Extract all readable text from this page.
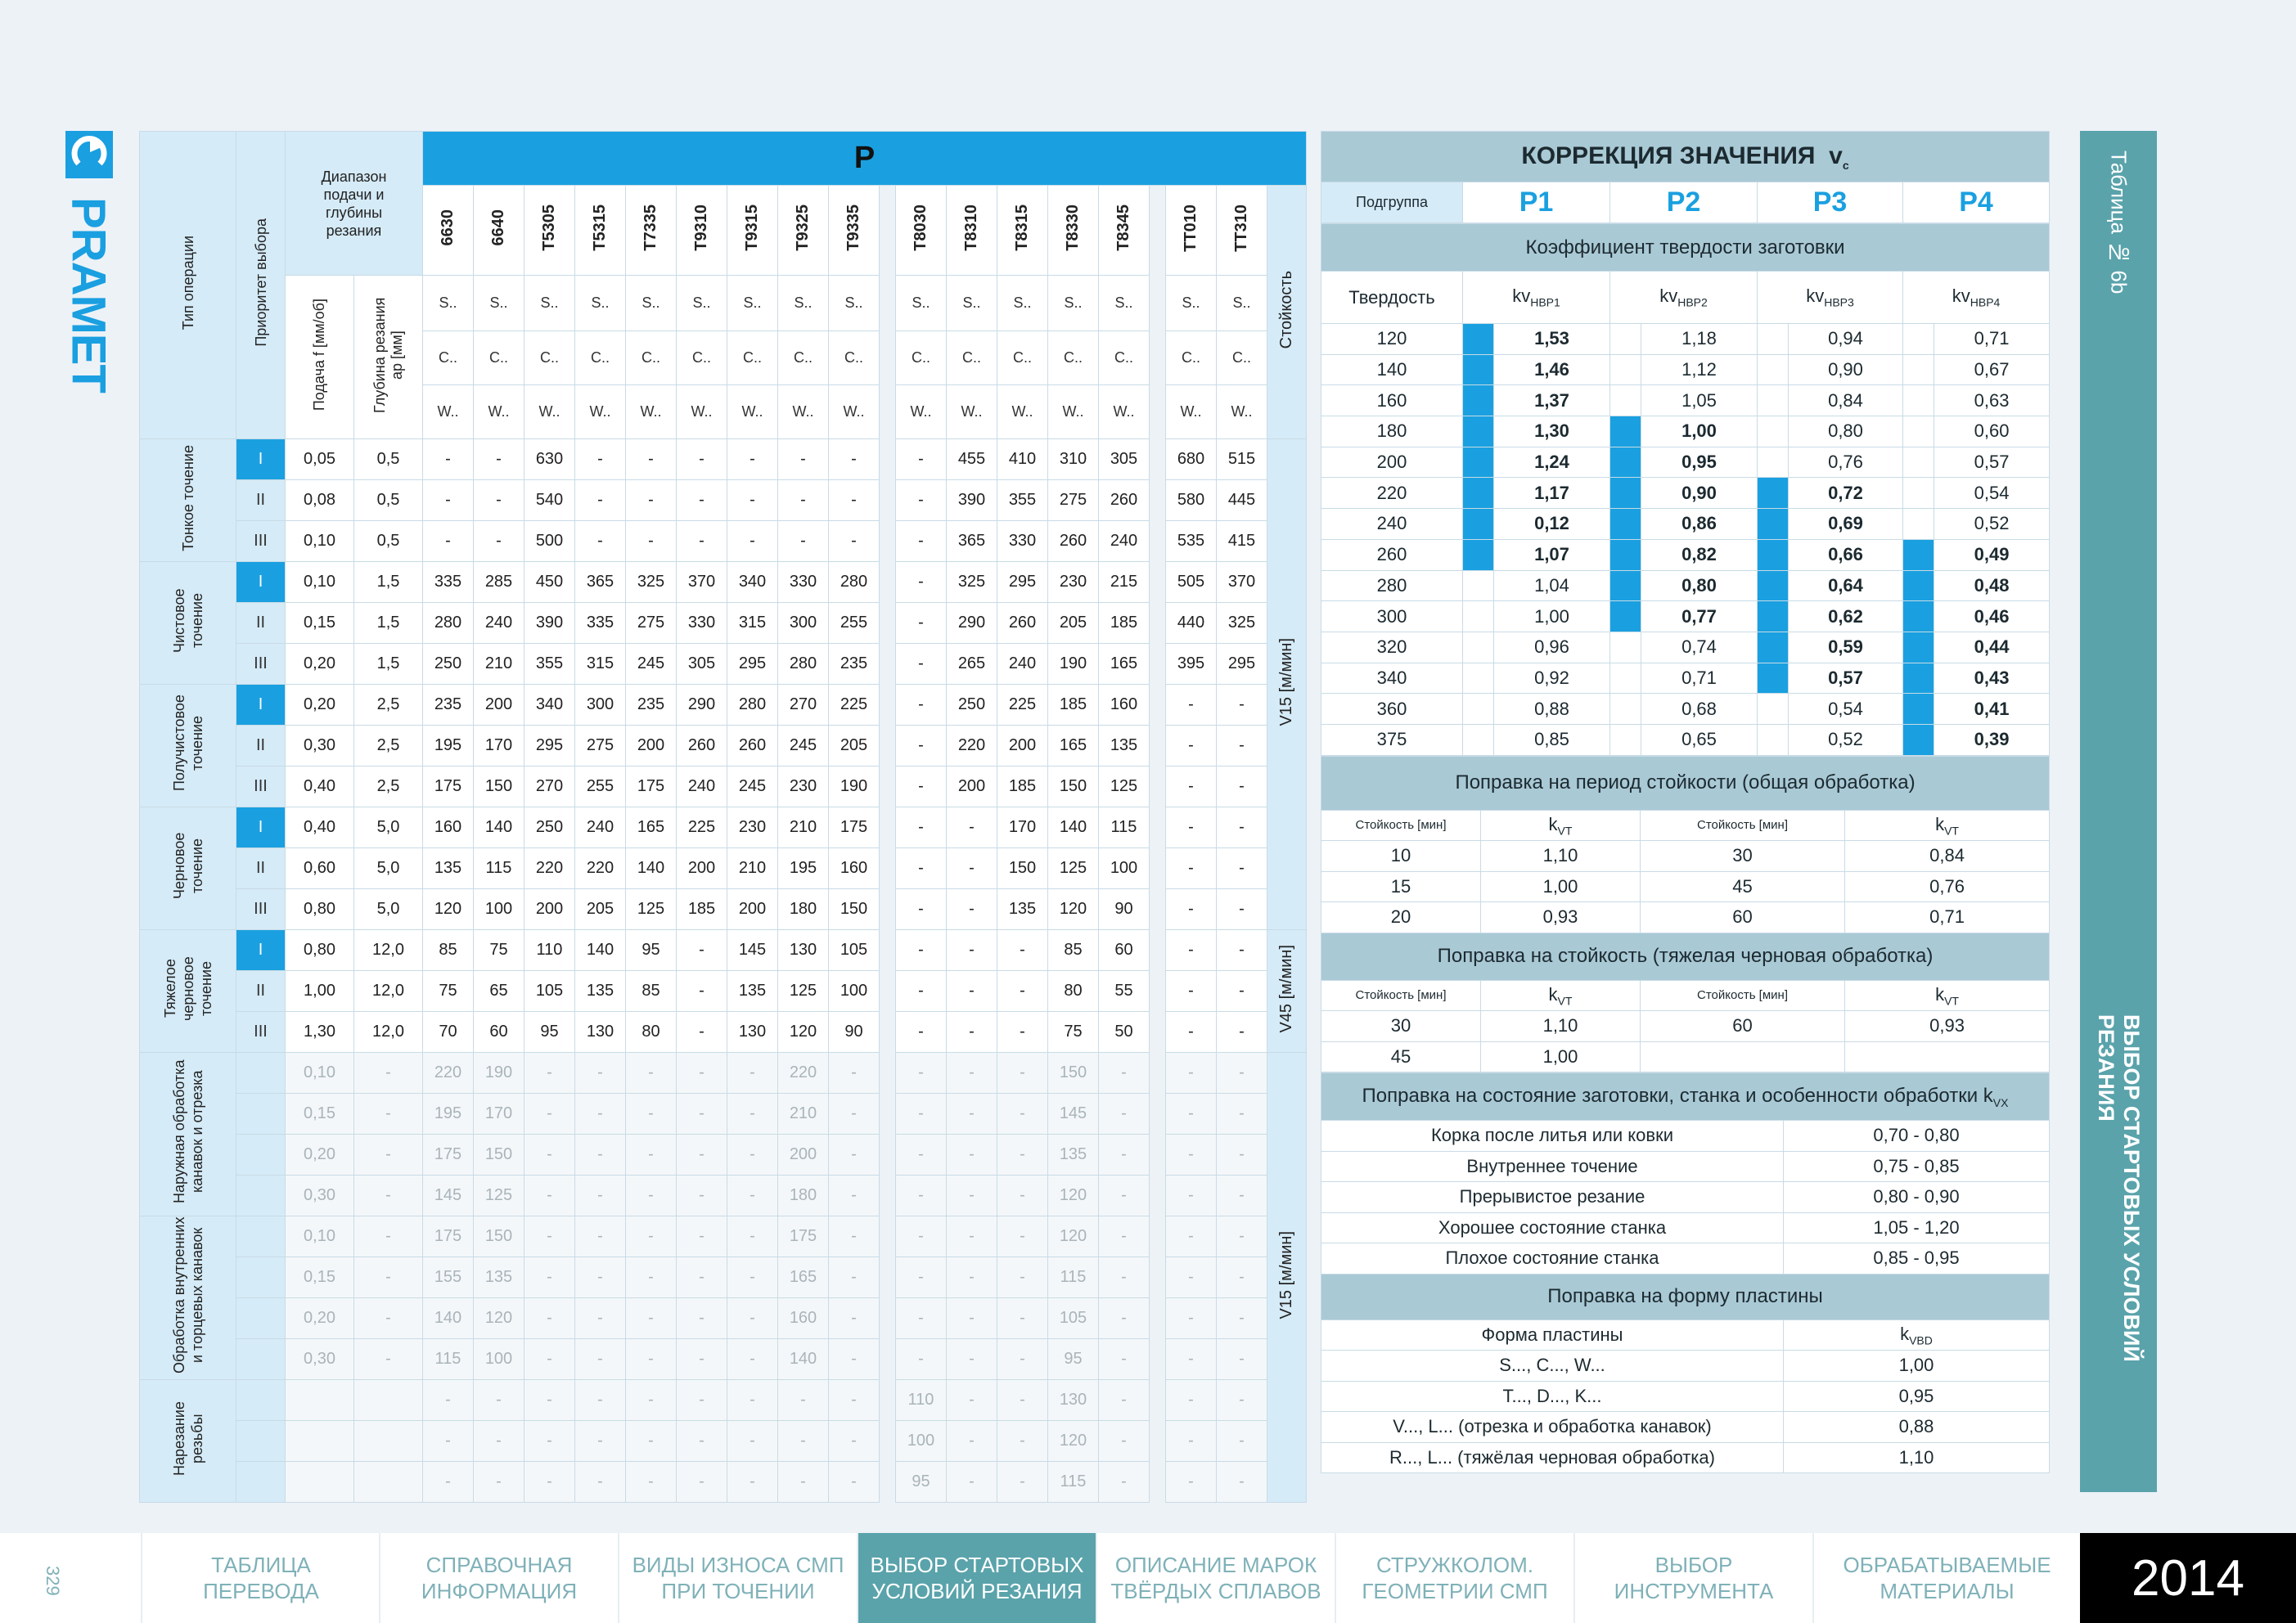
PRAMET	Тип операции	Приоритет выбора	Диапазон подачи и глубины резания		P																		
				6630	6640	T5305	T5315	T7335	T9310	T9315	T9325	T9335		T8030	T8310	T8315	T8330	T8345		TT010	TT310	Стойкость
		Подача f [мм/об]	Глубина резания ap [мм]	S..	S..	S..	S..	S..	S..	S..	S..	S..		S..	S..	S..	S..	S..		S..	S..	
				C..	C..	C..	C..	C..	C..	C..	C..	C..		C..	C..	C..	C..	C..		C..	C..	
				W..	W..	W..	W..	W..	W..	W..	W..	W..		W..	W..	W..	W..	W..		W..	W..	
Тонкое точение	I	0,05	0,5	-	-	630	-	-	-	-	-	-		-	455	410	310	305		680	515	V15 [м/мин]
	II	0,08	0,5	-	-	540	-	-	-	-	-	-		-	390	355	275	260		580	445	
	III	0,10	0,5	-	-	500	-	-	-	-	-	-		-	365	330	260	240		535	415	
Чистовое точение	I	0,10	1,5	335	285	450	365	325	370	340	330	280		-	325	295	230	215		505	370	
	II	0,15	1,5	280	240	390	335	275	330	315	300	255		-	290	260	205	185		440	325	
	III	0,20	1,5	250	210	355	315	245	305	295	280	235		-	265	240	190	165		395	295	
Получистовое точение	I	0,20	2,5	235	200	340	300	235	290	280	270	225		-	250	225	185	160		-	-	
	II	0,30	2,5	195	170	295	275	200	260	260	245	205		-	220	200	165	135		-	-	
	III	0,40	2,5	175	150	270	255	175	240	245	230	190		-	200	185	150	125		-	-	
Черновое точение	I	0,40	5,0	160	140	250	240	165	225	230	210	175		-	-	170	140	115		-	-	
	II	0,60	5,0	135	115	220	220	140	200	210	195	160		-	-	150	125	100		-	-	
	III	0,80	5,0	120	100	200	205	125	185	200	180	150		-	-	135	120	90		-	-	
Тяжелое черновое точение	I	0,80	12,0	85	75	110	140	95	-	145	130	105		-	-	-	85	60		-	-	V45 [м/мин]
	II	1,00	12,0	75	65	105	135	85	-	135	125	100		-	-	-	80	55		-	-	
	III	1,30	12,0	70	60	95	130	80	-	130	120	90		-	-	-	75	50		-	-	
Наружная обработка канавок и отрезка		0,10	-	220	190	-	-	-	-	-	220	-		-	-	-	150	-		-	-	V15 [м/мин]
		0,15	-	195	170	-	-	-	-	-	210	-		-	-	-	145	-		-	-	
		0,20	-	175	150	-	-	-	-	-	200	-		-	-	-	135	-		-	-	
		0,30	-	145	125	-	-	-	-	-	180	-		-	-	-	120	-		-	-	
Обработка внутренних и торцевых канавок		0,10	-	175	150	-	-	-	-	-	175	-		-	-	-	120	-		-	-	
		0,15	-	155	135	-	-	-	-	-	165	-		-	-	-	115	-		-	-	
		0,20	-	140	120	-	-	-	-	-	160	-		-	-	-	105	-		-	-	
		0,30	-	115	100	-	-	-	-	-	140	-		-	-	-	95	-		-	-	
Нарезание резьбы				-	-	-	-	-	-	-	-	-		110	-	-	130	-		-	-	
				-	-	-	-	-	-	-	-	-		100	-	-	120	-		-	-	
				-	-	-	-	-	-	-	-	-		95	-	-	115	-		-	-	
КОРРЕКЦИЯ ЗНАЧЕНИЯ $v_c$
Подгруппа	P1	P2	P3	P4
Коэффициент твердости заготовки								
Твердость	$kv_{HBP1}$		$kv_{HBP2}$		$kv_{HBP3}$		$kv_{HBP4}$
120		1,53		1,18		0,94		0,71
140		1,46		1,12		0,90		0,67
160		1,37		1,05		0,84		0,63
180		1,30		1,00		0,80		0,60
200		1,24		0,95		0,76		0,57
220		1,17		0,90		0,72		0,54
240		0,12		0,86		0,69		0,52
260		1,07		0,82		0,66		0,49
280		1,04		0,80		0,64		0,48
300		1,00		0,77		0,62		0,46
320		0,96		0,74		0,59		0,44
340		0,92		0,71		0,57		0,43
360		0,88		0,68		0,54		0,41
375		0,85		0,65		0,52		0,39
Поправка на период стойкости (общая обработка)			
Стойкость [мин]	$k_{VT}$	Стойкость [мин]	$k_{VT}$
10	1,10	30	0,84
15	1,00	45	0,76
20	0,93	60	0,71
Поправка на стойкость (тяжелая черновая обработка)			
Стойкость [мин]	$k_{VT}$	Стойкость [мин]	$k_{VT}$
30	1,10	60	0,93
45	1,00		
Поправка на состояние заготовки, станка и особенности обработки $k_{VX}$
Корка после литья или ковки	0,70 - 0,80
Внутреннее точение	0,75 - 0,85
Прерывистое резание	0,80 - 0,90
Хорошее состояние станка	1,05 - 1,20
Плохое состояние станка	0,85 - 0,95
Поправка на форму пластины	
Форма пластины	$k_{VBD}$
S..., C..., W...	1,00
T..., D..., K...	0,95
V..., L... (отрезка и обработка канавок)	0,88
R..., L... (тяжёлая черновая обработка)	1,10
Таблица № 6b
ВЫБОР СТАРТОВЫХ УСЛОВИЙ РЕЗАНИЯ
329
ТАБЛИЦА
ПЕРЕВОДА
СПРАВОЧНАЯ
ИНФОРМАЦИЯ
ВИДЫ ИЗНОСА СМП
ПРИ ТОЧЕНИИ
ВЫБОР СТАРТОВЫХ
УСЛОВИЙ РЕЗАНИЯ
ОПИСАНИЕ МАРОК
ТВЁРДЫХ СПЛАВОВ
СТРУЖКОЛОМ.
ГЕОМЕТРИИ СМП
ВЫБОР
ИНСТРУМЕНТА
ОБРАБАТЫВАЕМЫЕ
МАТЕРИАЛЫ	2014
